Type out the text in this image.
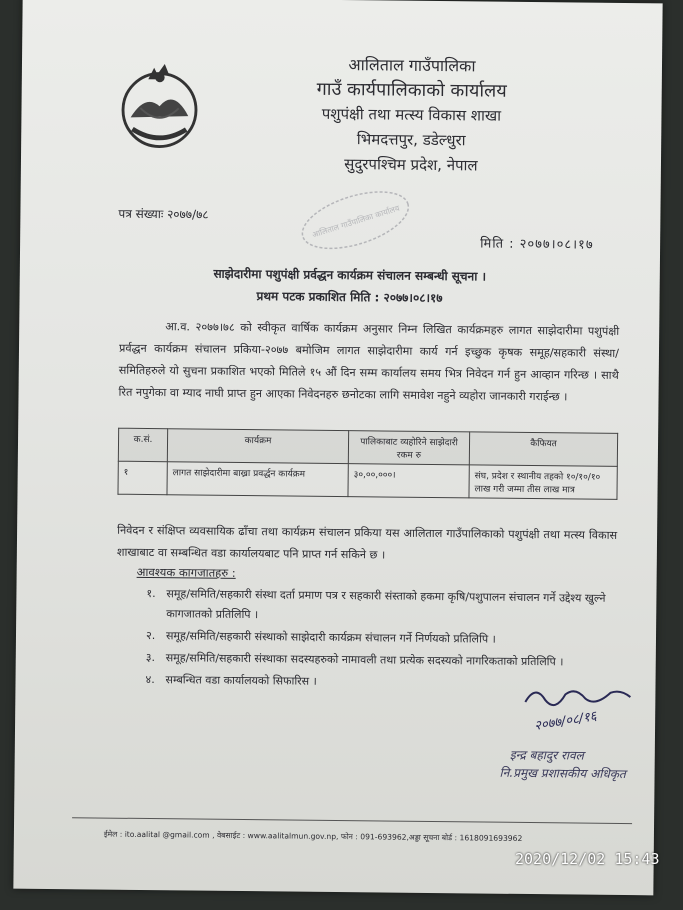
आलिताल गाउँपालिका
गाउँ कार्यपालिकाको कार्यालय
पशुपंक्षी तथा मत्स्य विकास शाखा
भिमदत्तपुर, डडेल्धुरा
सुदुरपश्चिम प्रदेश, नेपाल
पत्र संख्याः २०७७/७८	आलिताल गाउँपालिका कार्यालय
मिति : २०७७।०८।१७
साझेदारीमा पशुपंक्षी प्रर्वद्धन कार्यक्रम संचालन सम्बन्धी सूचना ।
प्रथम पटक प्रकाशित मिति : २०७७।०८।१७
आ.व. २०७७।७८ को स्वीकृत वार्षिक कार्यक्रम अनुसार निम्न लिखित कार्यक्रमहरु लागत साझेदारीमा पशुपंक्षी प्रर्वद्धन कार्यक्रम संचालन प्रकिया-२०७७ बमोजिम लागत साझेदारीमा कार्य गर्न इच्छुक कृषक समूह/सहकारी संस्था/समितिहरुले यो सुचना प्रकाशित भएको मितिले १५ औं दिन सम्म कार्यालय समय भित्र निवेदन गर्न हुन आव्हान गरिन्छ । साथै रित नपुगेका वा म्याद नाघी प्राप्त हुन आएका निवेदनहरु छनोटका लागि समावेश नहुने व्यहोरा जानकारी गराईन्छ ।
क.सं.	कार्यक्रम	पालिकाबाट व्यहोरिने साझेदारी रकम रु	कैफियत
१	लागत साझेदारीमा बाख्रा प्रवर्द्धन कार्यक्रम	३०,००,०००।	संघ, प्रदेश र स्थानीय तहको १०/१०/१० लाख गरी जम्मा तीस लाख मात्र
निवेदन र संक्षिप्त व्यवसायिक ढाँचा तथा कार्यक्रम संचालन प्रकिया यस आलिताल गाउँपालिकाको पशुपंक्षी तथा मत्स्य विकास शाखाबाट वा सम्बन्धित वडा कार्यालयबाट पनि प्राप्त गर्न सकिने छ ।
आवश्यक कागजातहरु :
१. समूह/समिति/सहकारी संस्था दर्ता प्रमाण पत्र र सहकारी संस्ताको हकमा कृषि/पशुपालन संचालन गर्ने उद्देश्य खुल्ने कागजातको प्रतिलिपि ।
२. समूह/समिति/सहकारी संस्थाको साझेदारी कार्यक्रम संचालन गर्ने निर्णयको प्रतिलिपि ।
३. समूह/समिति/सहकारी संस्थाका सदस्यहरुको नामावली तथा प्रत्येक सदस्यको नागरिकताको प्रतिलिपि ।
४. सम्बन्धित वडा कार्यालयको सिफारिस ।
२०७७/०८/१६
इन्द्र बहादुर रावल
नि.प्रमुख प्रशासकीय अधिकृत
ईमेल : ito.aalital @gmail.com , वेबसाईट : www.aalitalmun.gov.np, फोन : 091-693962,अड्डा सूचना बोर्ड : 1618091693962
2020/12/02 15:43
